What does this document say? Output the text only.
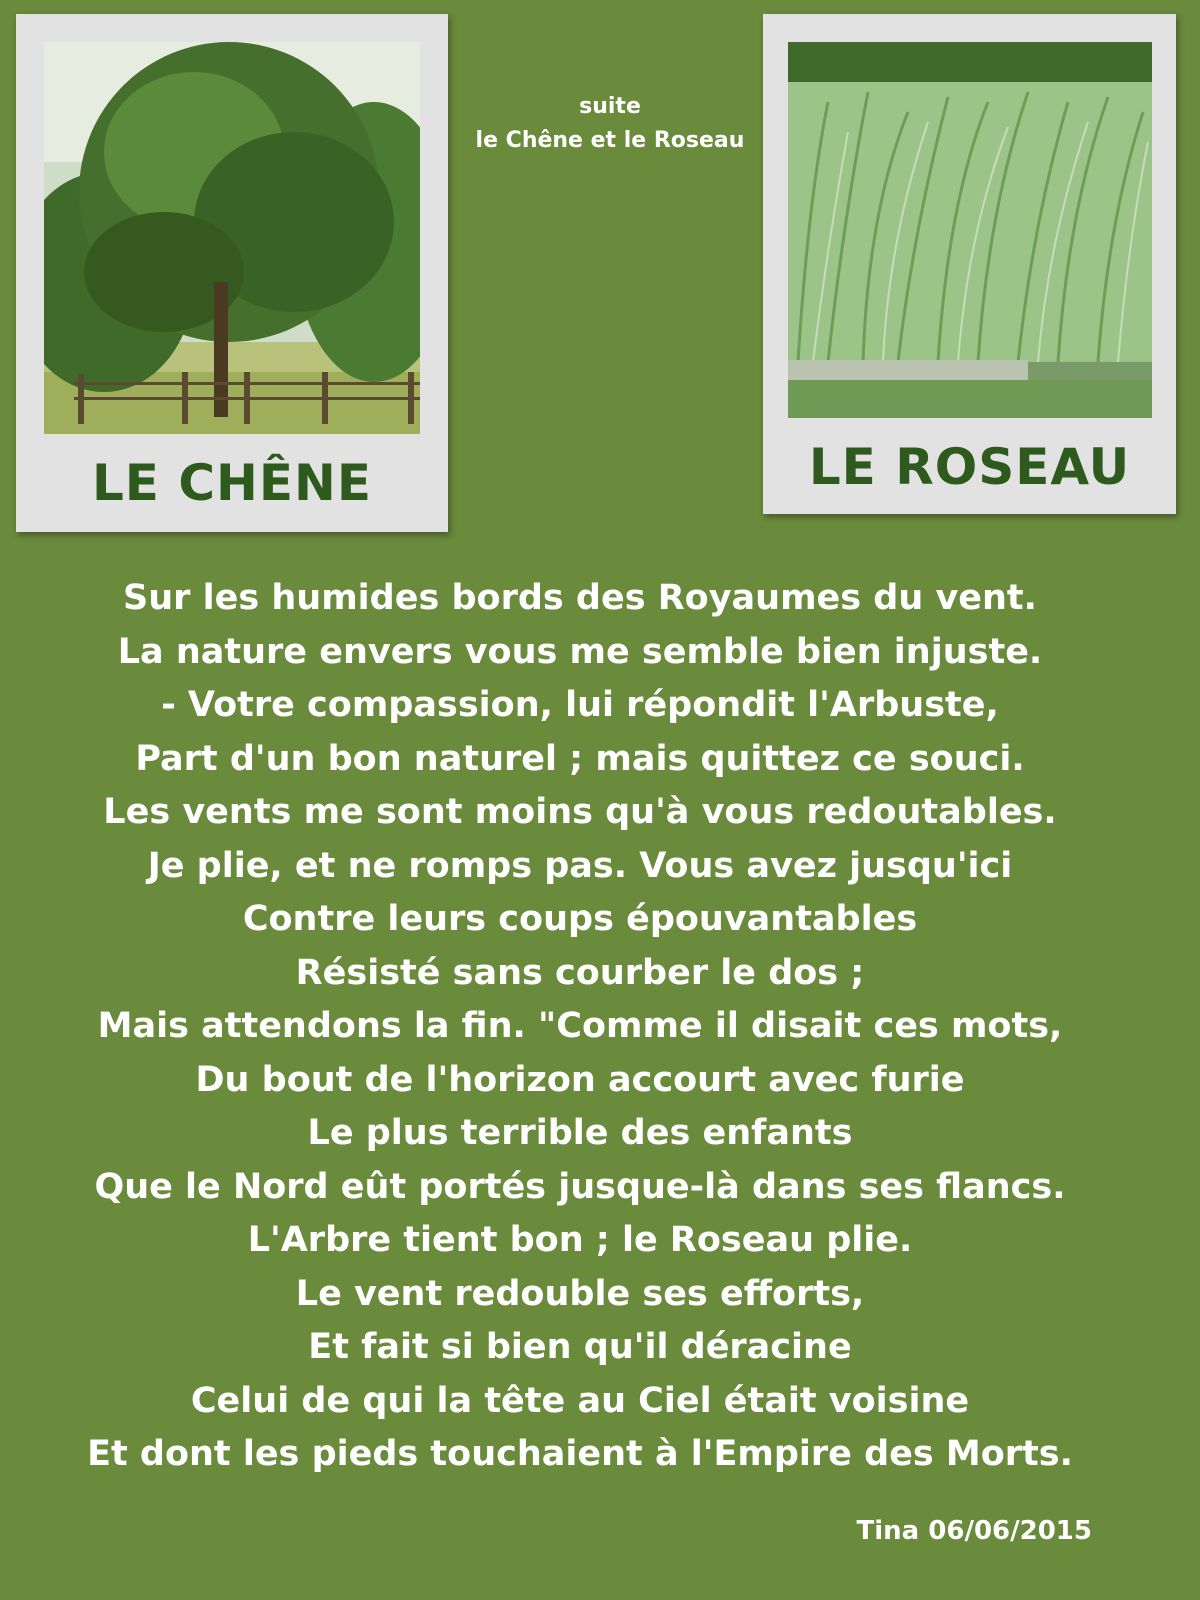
LE CHÊNE
suite
le Chêne et le Roseau
LE ROSEAU
Sur les humides bords des Royaumes du vent.
La nature envers vous me semble bien injuste.
- Votre compassion, lui répondit l'Arbuste,
Part d'un bon naturel ; mais quittez ce souci.
Les vents me sont moins qu'à vous redoutables.
Je plie, et ne romps pas. Vous avez jusqu'ici
Contre leurs coups épouvantables
Résisté sans courber le dos ;
Mais attendons la fin. "Comme il disait ces mots,
Du bout de l'horizon accourt avec furie
Le plus terrible des enfants
Que le Nord eût portés jusque-là dans ses flancs.
L'Arbre tient bon ; le Roseau plie.
Le vent redouble ses efforts,
Et fait si bien qu'il déracine
Celui de qui la tête au Ciel était voisine
Et dont les pieds touchaient à l'Empire des Morts.
Tina 06/06/2015
